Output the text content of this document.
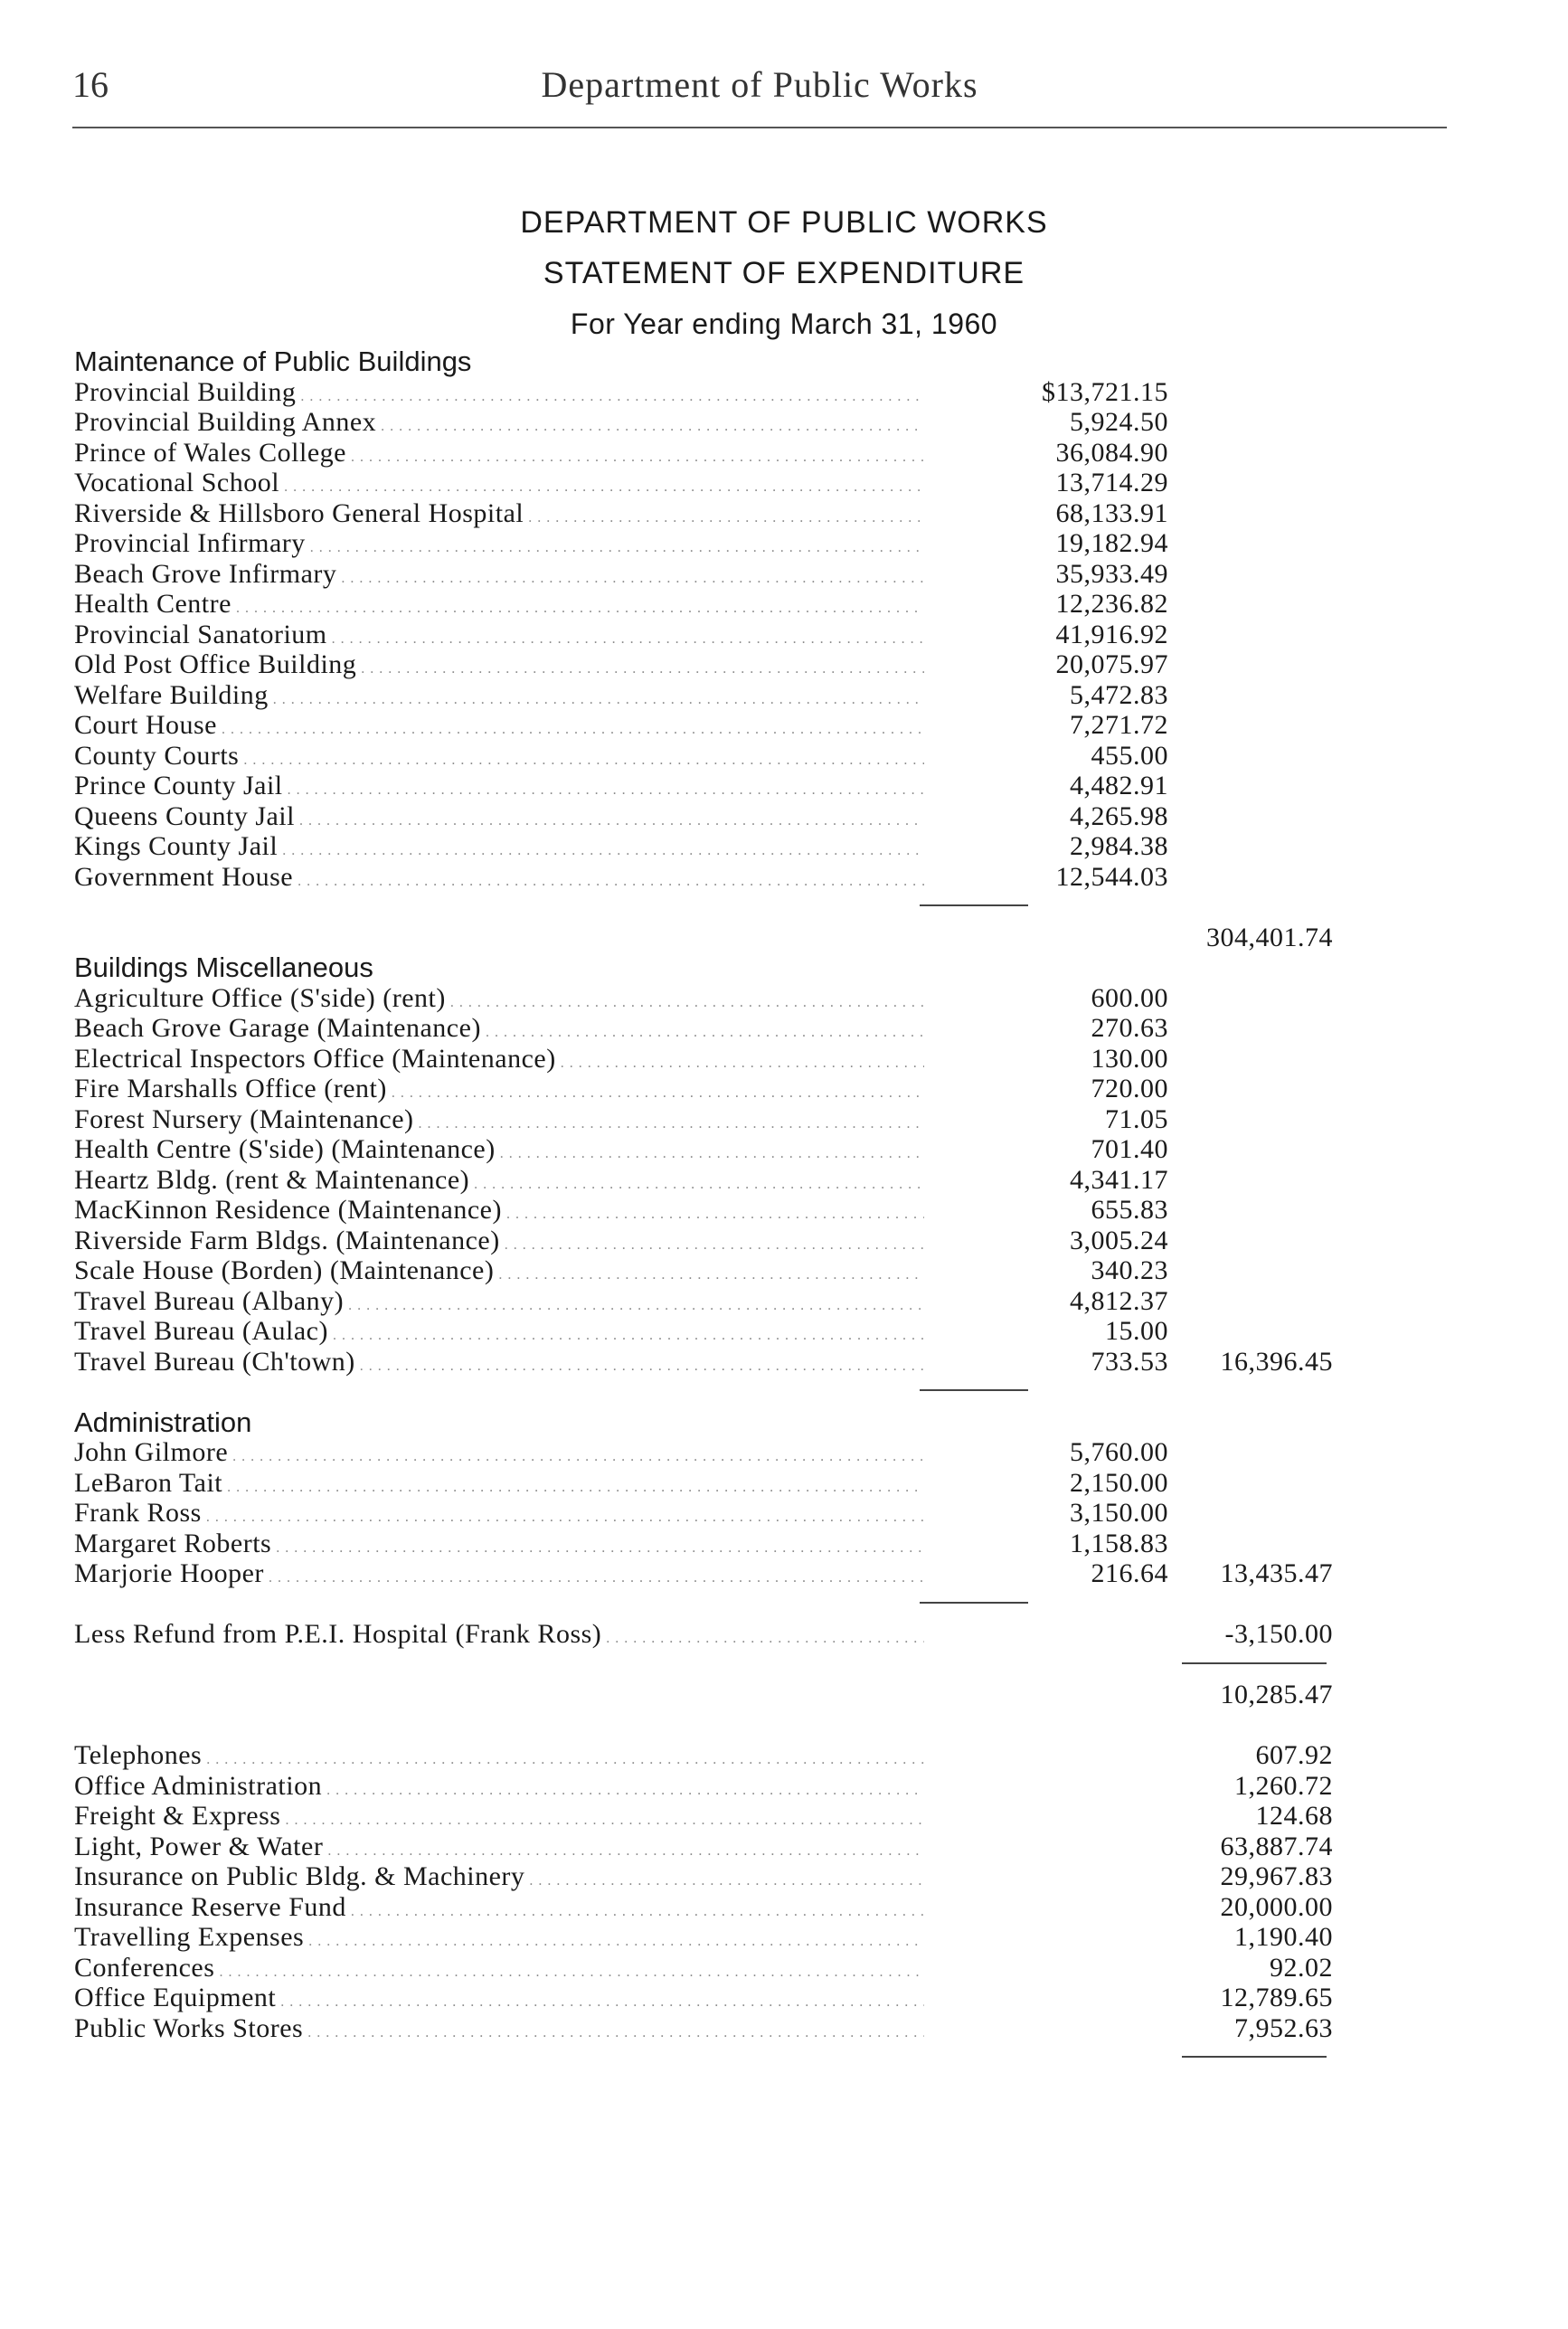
16	Department of Public Works
DEPARTMENT OF PUBLIC WORKS
STATEMENT OF EXPENDITURE
For Year ending March 31, 1960
Maintenance of Public Buildings
Provincial Building . . .	$13,721.15
Provincial Building Annex . . .	5,924.50
Prince of Wales College . . .	36,084.90
Vocational School . . .	13,714.29
Riverside & Hillsboro General Hospital . . .	68,133.91
Provincial Infirmary . . .	19,182.94
Beach Grove Infirmary . . .	35,933.49
Health Centre . . .	12,236.82
Provincial Sanatorium . . .	41,916.92
Old Post Office Building . . .	20,075.97
Welfare Building . . .	5,472.83
Court House . . .	7,271.72
County Courts . . .	455.00
Prince County Jail . . .	4,482.91
Queens County Jail . . .	4,265.98
Kings County Jail . . .	2,984.38
Government House . . .	12,544.03
304,401.74
Buildings Miscellaneous
Agriculture Office (S'side) (rent) . . .	600.00
Beach Grove Garage (Maintenance) . . .	270.63
Electrical Inspectors Office (Maintenance) . . .	130.00
Fire Marshalls Office (rent) . . .	720.00
Forest Nursery (Maintenance) . . .	71.05
Health Centre (S'side) (Maintenance) . . .	701.40
Heartz Bldg. (rent & Maintenance) . . .	4,341.17
MacKinnon Residence (Maintenance) . . .	655.83
Riverside Farm Bldgs. (Maintenance) . . .	3,005.24
Scale House (Borden) (Maintenance) . . .	340.23
Travel Bureau (Albany) . . .	4,812.37
Travel Bureau (Aulac) . . .	15.00
Travel Bureau (Ch'town) . . .	733.53 16,396.45
Administration
John Gilmore . . .	5,760.00
LeBaron Tait . . .	2,150.00
Frank Ross . . .	3,150.00
Margaret Roberts . . .	1,158.83
Marjorie Hooper . . .	216.64 13,435.47
Less Refund from P.E.I. Hospital (Frank Ross) . . .	-3,150.00
10,285.47
Telephones . . .	607.92
Office Administration . . .	1,260.72
Freight & Express . . .	124.68
Light, Power & Water . . .	63,887.74
Insurance on Public Bldg. & Machinery . . .	29,967.83
Insurance Reserve Fund . . .	20,000.00
Travelling Expenses . . .	1,190.40
Conferences . . .	92.02
Office Equipment . . .	12,789.65
Public Works Stores . . .	7,952.63
